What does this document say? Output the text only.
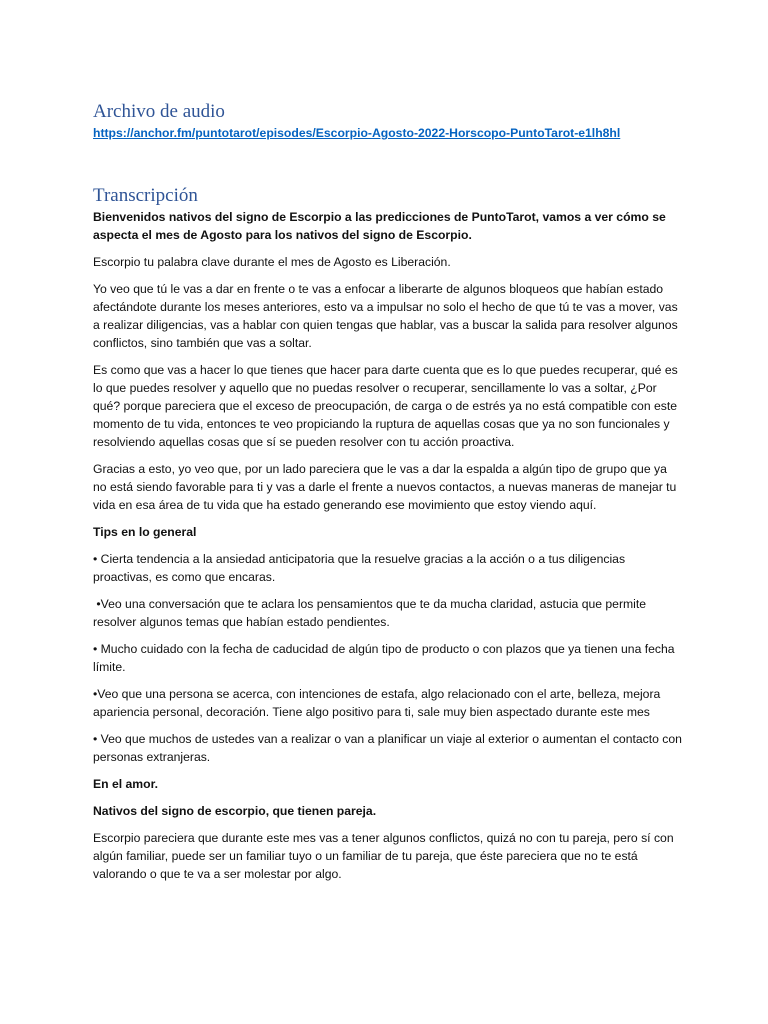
Archivo de audio
https://anchor.fm/puntotarot/episodes/Escorpio-Agosto-2022-Horscopo-PuntoTarot-e1lh8hl
Transcripción

Bienvenidos nativos del signo de Escorpio a las predicciones de PuntoTarot, vamos a ver cómo se aspecta el mes de Agosto para los nativos del signo de Escorpio.

Escorpio tu palabra clave durante el mes de Agosto es Liberación.

Yo veo que tú le vas a dar en frente o te vas a enfocar a liberarte de algunos bloqueos que habían estado afectándote durante los meses anteriores, esto va a impulsar no solo el hecho de que tú te vas a mover, vas a realizar diligencias, vas a hablar con quien tengas que hablar, vas a buscar la salida para resolver algunos conflictos, sino también que vas a soltar.

Es como que vas a hacer lo que tienes que hacer para darte cuenta que es lo que puedes recuperar, qué es lo que puedes resolver y aquello que no puedas resolver o recuperar, sencillamente lo vas a soltar, ¿Por qué? porque pareciera que el exceso de preocupación, de carga o de estrés ya no está compatible con este momento de tu vida, entonces te veo propiciando la ruptura de aquellas cosas que ya no son funcionales y resolviendo aquellas cosas que sí se pueden resolver con tu acción proactiva.

Gracias a esto, yo veo que, por un lado pareciera que le vas a dar la espalda a algún tipo de grupo que ya no está siendo favorable para ti y vas a darle el frente a nuevos contactos, a nuevas maneras de manejar tu vida en esa área de tu vida que ha estado generando ese movimiento que estoy viendo aquí.

Tips en lo general

• Cierta tendencia a la ansiedad anticipatoria que la resuelve gracias a la acción o a tus diligencias proactivas, es como que encaras.

•Veo una conversación que te aclara los pensamientos que te da mucha claridad, astucia que permite resolver algunos temas que habían estado pendientes.

• Mucho cuidado con la fecha de caducidad de algún tipo de producto o con plazos que ya tienen una fecha límite.

•Veo que una persona se acerca, con intenciones de estafa, algo relacionado con el arte, belleza, mejora apariencia personal, decoración. Tiene algo positivo para ti, sale muy bien aspectado durante este mes

• Veo que muchos de ustedes van a realizar o van a planificar un viaje al exterior o aumentan el contacto con personas extranjeras.

En el amor.

Nativos del signo de escorpio, que tienen pareja.

Escorpio pareciera que durante este mes vas a tener algunos conflictos, quizá no con tu pareja, pero sí con algún familiar, puede ser un familiar tuyo o un familiar de tu pareja, que éste pareciera que no te está valorando o que te va a ser molestar por algo.
